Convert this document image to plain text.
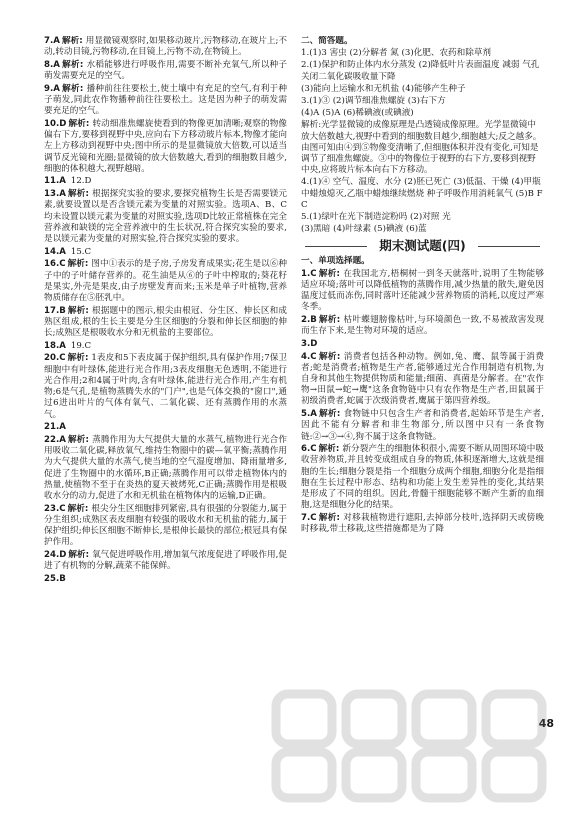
7.A 解析: 用显微镜观察时,如果移动玻片,污物移动,在玻片上;不动,转动目镜,污物移动,在目镜上,污物不动,在物镜上。
8.A 解析: 水稻能够进行呼吸作用,需要不断补充氧气,所以种子萌发需要充足的空气。
9.A 解析: 播种前往往要松土,使土壤中有充足的空气,有利于种子萌发,同此农作物播种前往往要松土。这是因为种子的萌发需要充足的空气。
10.D 解析: 转动细准焦螺旋使看到的物像更加清晰;观察的物像偏右下方,要移到视野中央,应向右下方移动玻片标本,物像才能向左上方移动到视野中央;图中所示的是显微镜放大倍数,可以适当调节反光镜和光圈;显微镜的放大倍数越大,看到的细胞数目越少,细胞的体积越大,视野越暗。
11.A 12.D
13.A 解析: 根据探究实验的要求,要探究植物生长是否需要镁元素,就要设置以是否含镁元素为变量的对照实验。选项A、B、C均未设置以镁元素为变量的对照实验,选项D比较正常植株在完全营养液和缺镁的完全营养液中的生长状况,符合探究实验的要求,是以镁元素为变量的对照实验,符合探究实验的要求。
14.A 15.C
16.C 解析: 图中①表示的是子房,子房发育成果实;花生是以⑥种子中的子叶储存营养的。花生油是从⑥的子叶中榨取的;葵花籽是果实,外壳是果皮,由子房壁发育而来;玉米是单子叶植物,营养物质储存在⑤胚乳中。
17.B 解析: 根据题中的图示,根尖由根冠、分生区、伸长区和成熟区组成,根的生长主要是分生区细胞的分裂和伸长区细胞的伸长;成熟区是根吸收水分和无机盐的主要部位。
18.A 19.C
20.C 解析: 1表皮和5下表皮属于保护组织,具有保护作用;7保卫细胞中有叶绿体,能进行光合作用;3表皮细胞无色透明,不能进行光合作用;2和4属于叶肉,含有叶绿体,能进行光合作用,产生有机物;6是气孔,是植物蒸腾失水的"门户",也是气体交换的"窗口",通过6进出叶片的气体有氧气、二氧化碳、还有蒸腾作用的水蒸气。
21.A
22.A 解析: 蒸腾作用为大气提供大量的水蒸气,植物进行光合作用吸收二氧化碳,释放氧气,维持生物圈中的碳—氧平衡;蒸腾作用为大气提供大量的水蒸气,使当地的空气湿度增加、降雨量增多,促进了生物圈中的水循环,B正确;蒸腾作用可以带走植物体内的热量,使植物不至于在炎热的夏天被烤死,C正确;蒸腾作用是根吸收水分的动力,促进了水和无机盐在植物体内的运输,D正确。
23.C 解析: 根尖分生区细胞排列紧密,具有很强的分裂能力,属于分生组织;成熟区表皮细胞有较强的吸收水和无机盐的能力,属于保护组织;伸长区细胞不断伸长,是根伸长最快的部位;根冠具有保护作用。
24.D 解析: 氧气促进呼吸作用,增加氧气浓度促进了呼吸作用,促进了有机物的分解,蔬菜不能保鲜。
25.B
二、简答题。
1.(1)3 害虫 (2)分解者 氮 (3)化肥、农药和除草剂
2.(1)保护和防止体内水分蒸发 (2)降低叶片表面温度 减弱 气孔关闭二氧化碳吸收量下降
(3)能向上运输水和无机盐 (4)能够产生种子
3.(1)③ (2)调节细准焦螺旋 (3)右下方
(4)A (5)A (6)稀碘液(或碘液)
解析:光学显微镜的成像原理是凸透镜成像原理。光学显微镜中放大倍数越大,视野中看到的细胞数目越少,细胞越大;反之越多。由图可知由④到⑤物像变清晰了,但细胞体积并没有变化,可知是调节了细准焦螺旋。③中的物像位于视野的右下方,要移到视野中央,应将玻片标本向右下方移动。
4.(1)④ 空气、温度、水分 (2)胚已死亡 (3)低温、干燥 (4)甲瓶中蜡烛熄灭,乙瓶中蜡烛继续燃烧 种子呼吸作用消耗氧气 (5)B F C
5.(1)绿叶在光下制造淀粉吗 (2)对照 光
(3)黑暗 (4)叶绿素 (5)碘液 (6)蓝
期末测试题(四)
一、单项选择题。
1.C 解析: 在我国北方,梧桐树一到冬天就落叶,说明了生物能够适应环境;落叶可以降低植物的蒸腾作用,减少热量的散失,避免因温度过低而冻伤,同时落叶还能减少营养物质的消耗,以度过严寒冬季。
2.B 解析: 枯叶蝶翅膀像枯叶,与环境颜色一致,不易被敌害发现而生存下来,是生物对环境的适应。
3.D
4.C 解析: 消费者包括各种动物。例如,兔、鹰、鼠等属于消费者;蛇是消费者;植物是生产者,能够通过光合作用制造有机物,为自身和其他生物提供物质和能量;细菌、真菌是分解者。在"农作物→田鼠→蛇→鹰"这条食物链中只有农作物是生产者,田鼠属于初级消费者,蛇属于次级消费者,鹰属于第四营养级。
5.A 解析: 食物链中只包含生产者和消费者,起始环节是生产者,因此不能有分解者和非生物部分,所以图中只有一条食物链:②→③→④,狗不属于这条食物链。
6.C 解析: 新分裂产生的细胞体积很小,需要不断从周围环境中吸收营养物质,并且转变成组成自身的物质,体积逐渐增大,这就是细胞的生长;细胞分裂是指一个细胞分成两个细胞,细胞分化是指细胞在生长过程中形态、结构和功能上发生差异性的变化,其结果是形成了不同的组织。因此,骨髓干细胞能够不断产生新的血细胞,这是细胞分化的结果。
7.C 解析: 对移栽植物进行遮阳,去掉部分枝叶,选择阴天或傍晚时移栽,带土移栽,这些措施都是为了降
48
